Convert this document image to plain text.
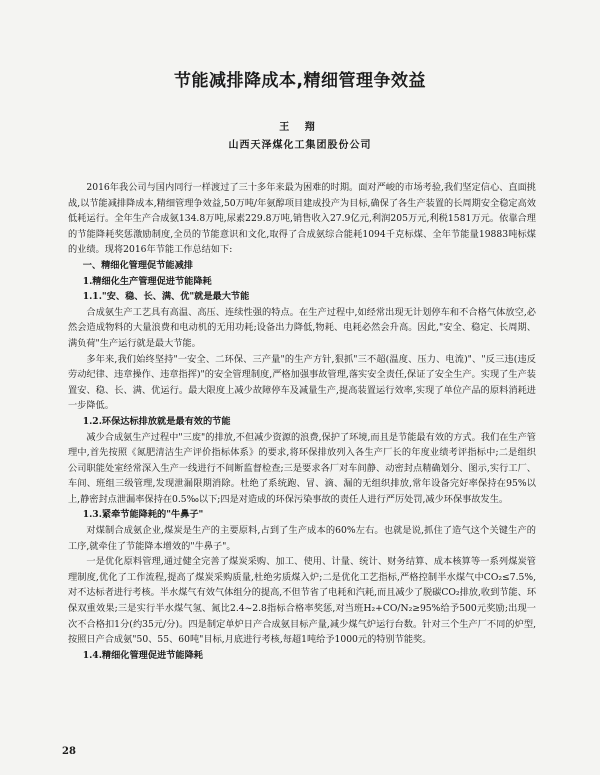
节能减排降成本,精细管理争效益
王 翔
山西天泽煤化工集团股份公司

2016年我公司与国内同行一样渡过了三十多年来最为困难的时期。面对严峻的市场考验,我们坚定信心、直面挑战,以节能减排降成本,精细管理争效益,50万吨/年氨醇项目建成投产为目标,确保了各生产装置的长周期安全稳定高效低耗运行。全年生产合成氨134.8万吨,尿素229.8万吨,销售收入27.9亿元,利润205万元,利税1581万元。依靠合理的节能降耗奖惩激励制度,全员的节能意识和文化,取得了合成氨综合能耗1094千克标煤、全年节能量19883吨标煤的业绩。现将2016年节能工作总结如下:

一、精细化管理促节能减排

1.精细化生产管理促进节能降耗

1.1."安、稳、长、满、优"就是最大节能

合成氨生产工艺具有高温、高压、连续性强的特点。在生产过程中,如经常出现无计划停车和不合格气体放空,必然会造成物料的大量浪费和电动机的无用功耗;设备出力降低,物耗、电耗必然会升高。因此,"安全、稳定、长周期、满负荷"生产运行就是最大节能。

多年来,我们始终坚持"一安全、二环保、三产量"的生产方针,狠抓"三不超(温度、压力、电流)"、"反三违(违反劳动纪律、违章操作、违章指挥)"的安全管理制度,严格加强事故管理,落实安全责任,保证了安全生产。实现了生产装置安、稳、长、满、优运行。最大限度上减少故障停车及减量生产,提高装置运行效率,实现了单位产品的原料消耗进一步降低。

1.2.环保达标排放就是最有效的节能

减少合成氨生产过程中"三废"的排放,不但减少资源的浪费,保护了环境,而且是节能最有效的方式。我们在生产管理中,首先按照《氮肥清洁生产评价指标体系》的要求,将环保排放列入各生产厂长的年度业绩考评指标中;二是组织公司职能处室经常深入生产一线进行不间断监督检查;三是要求各厂对车间静、动密封点精确划分、图示,实行工厂、车间、班组三级管理,发现泄漏限期消除。杜绝了系统跑、冒、滴、漏的无组织排放,常年设备完好率保持在95%以上,静密封点泄漏率保持在0.5‰以下;四是对造成的环保污染事故的责任人进行严厉处罚,减少环保事故发生。

1.3.紧牵节能降耗的"牛鼻子"

对煤制合成氨企业,煤炭是生产的主要原料,占到了生产成本的60%左右。也就是说,抓住了造气这个关键生产的工序,就牵住了节能降本增效的"牛鼻子"。

一是优化原料管理,通过健全完善了煤炭采购、加工、使用、计量、统计、财务结算、成本核算等一系列煤炭管理制度,优化了工作流程,提高了煤炭采购质量,杜绝劣质煤入炉;二是优化工艺指标,严格控制半水煤气中CO₂≤7.5%,对不达标者进行考核。半水煤气有效气体组分的提高,不但节省了电耗和汽耗,而且减少了脱碳CO₂排放,收到节能、环保双重效果;三是实行半水煤气氢、氮比2.4~2.8指标合格率奖惩,对当班H₂+CO/N₂≥95%给予500元奖励;出现一次不合格扣1分(约35元/分)。四是制定单炉日产合成氨目标产量,减少煤气炉运行台数。针对三个生产厂不同的炉型,按照日产合成氨"50、55、60吨"目标,月底进行考核,每超1吨给予1000元的特别节能奖。

1.4.精细化管理促进节能降耗

28
